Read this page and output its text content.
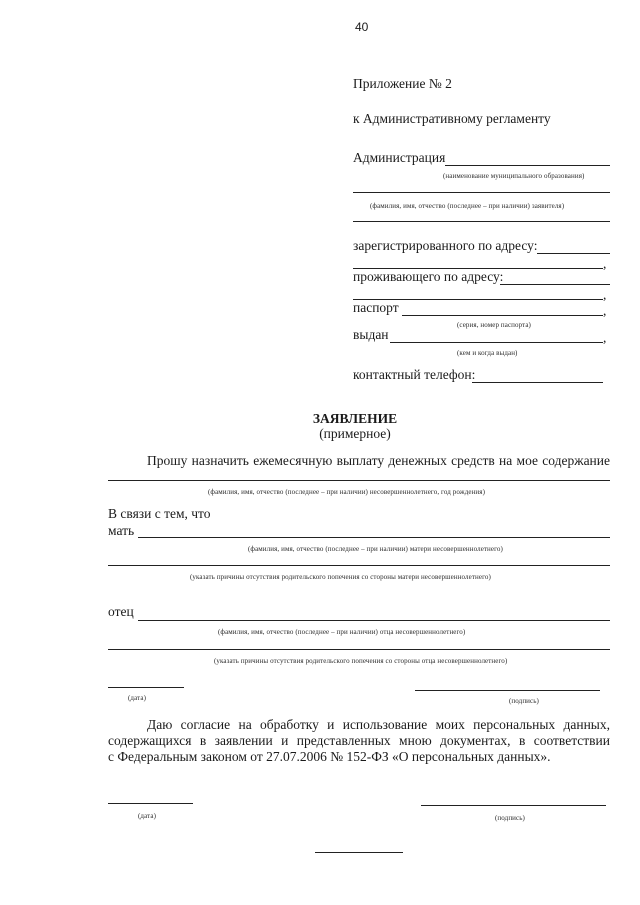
40
Приложение № 2
к Административному регламенту
Администрация
(наименование муниципального образования)
(фамилия, имя, отчество (последнее – при наличии) заявителя)
зарегистрированного по адресу:
,
проживающего по адресу:
,
паспорт	,
(серия, номер паспорта)
выдан	,
(кем и когда выдан)
контактный телефон:
ЗАЯВЛЕНИЕ
(примерное)
Прошу назначить ежемесячную выплату денежных средств на мое содержание
(фамилия, имя, отчество (последнее – при наличии) несовершеннолетнего, год рождения)
В связи с тем, что
мать
(фамилия, имя, отчество (последнее – при наличии) матери несовершеннолетнего)
(указать причины отсутствия родительского попечения со стороны матери несовершеннолетнего)
отец
(фамилия, имя, отчество (последнее – при наличии) отца несовершеннолетнего)
(указать причины отсутствия родительского попечения со стороны отца несовершеннолетнего)
(дата)	(подпись)
Даю согласие на обработку и использование моих персональных данных,
содержащихся в заявлении и представленных мною документах, в соответствии
с Федеральным законом от 27.07.2006 № 152-ФЗ «О персональных данных».
(дата)	(подпись)
